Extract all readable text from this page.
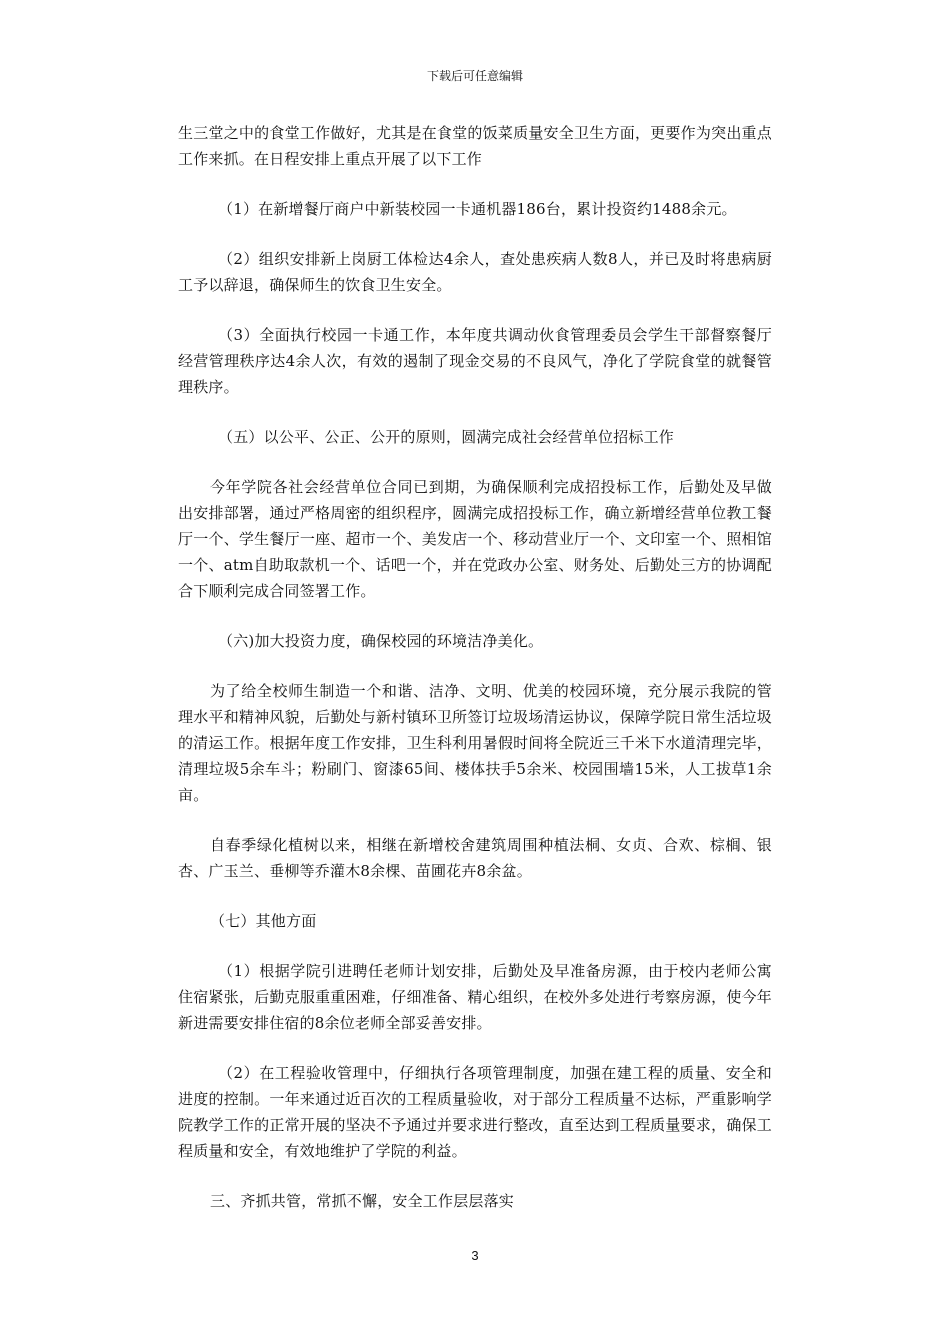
下载后可任意编辑

生三堂之中的食堂工作做好，尤其是在食堂的饭菜质量安全卫生方面，更要作为突出重点工作来抓。在日程安排上重点开展了以下工作

（1）在新增餐厅商户中新装校园一卡通机器186台，累计投资约1488余元。

（2）组织安排新上岗厨工体检达4余人，查处患疾病人数8人，并已及时将患病厨工予以辞退，确保师生的饮食卫生安全。

（3）全面执行校园一卡通工作，本年度共调动伙食管理委员会学生干部督察餐厅经营管理秩序达4余人次，有效的遏制了现金交易的不良风气，净化了学院食堂的就餐管理秩序。

（五）以公平、公正、公开的原则，圆满完成社会经营单位招标工作

今年学院各社会经营单位合同已到期，为确保顺利完成招投标工作，后勤处及早做出安排部署，通过严格周密的组织程序，圆满完成招投标工作，确立新增经营单位教工餐厅一个、学生餐厅一座、超市一个、美发店一个、移动营业厅一个、文印室一个、照相馆一个、atm自助取款机一个、话吧一个，并在党政办公室、财务处、后勤处三方的协调配合下顺利完成合同签署工作。

（六)加大投资力度，确保校园的环境洁净美化。

为了给全校师生制造一个和谐、洁净、文明、优美的校园环境，充分展示我院的管理水平和精神风貌，后勤处与新村镇环卫所签订垃圾场清运协议，保障学院日常生活垃圾的清运工作。根据年度工作安排，卫生科利用暑假时间将全院近三千米下水道清理完毕，清理垃圾5余车斗；粉刷门、窗漆65间、楼体扶手5余米、校园围墙15米，人工拔草1余亩。

自春季绿化植树以来，相继在新增校舍建筑周围种植法桐、女贞、合欢、棕榈、银杏、广玉兰、垂柳等乔灌木8余棵、苗圃花卉8余盆。

（七）其他方面

（1）根据学院引进聘任老师计划安排，后勤处及早准备房源，由于校内老师公寓住宿紧张，后勤克服重重困难，仔细准备、精心组织，在校外多处进行考察房源，使今年新进需要安排住宿的8余位老师全部妥善安排。

（2）在工程验收管理中，仔细执行各项管理制度，加强在建工程的质量、安全和进度的控制。一年来通过近百次的工程质量验收，对于部分工程质量不达标，严重影响学院教学工作的正常开展的坚决不予通过并要求进行整改，直至达到工程质量要求，确保工程质量和安全，有效地维护了学院的利益。

三、齐抓共管，常抓不懈，安全工作层层落实

3
